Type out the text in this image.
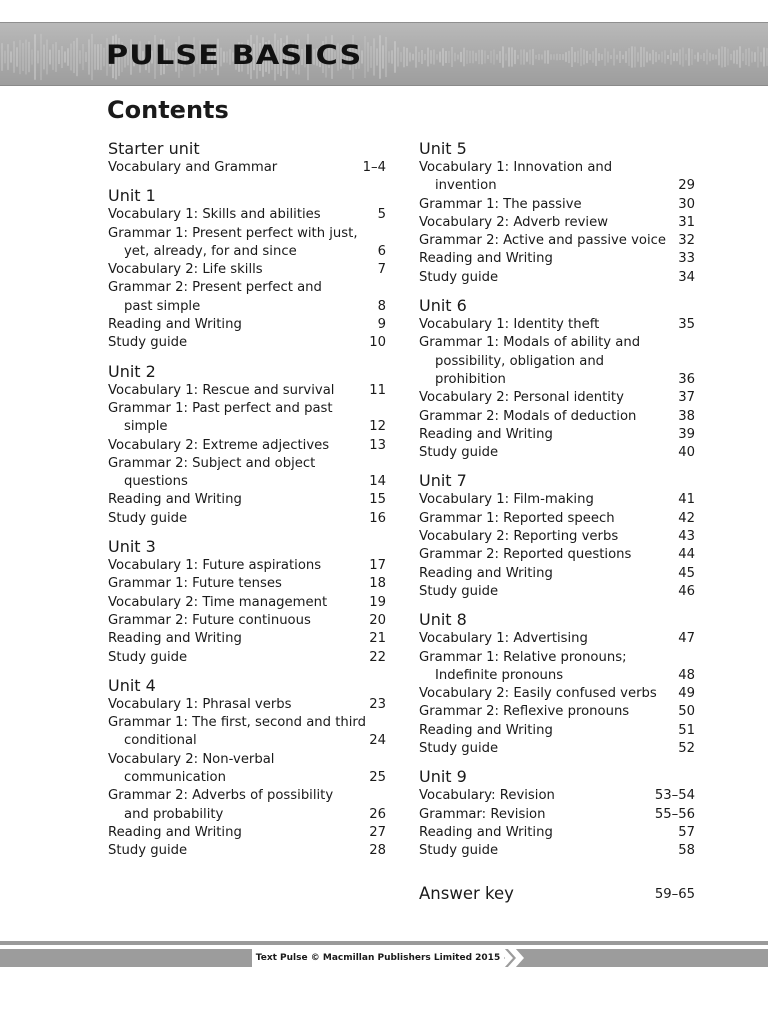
PULSE BASICS
Contents
Starter unit
Vocabulary and Grammar	1–4
Unit 1
Vocabulary 1: Skills and abilities	5
Grammar 1: Present perfect with just,
yet, already, for and since	6
Vocabulary 2: Life skills	7
Grammar 2: Present perfect and
past simple	8
Reading and Writing	9
Study guide	10
Unit 2
Vocabulary 1: Rescue and survival	11
Grammar 1: Past perfect and past
simple	12
Vocabulary 2: Extreme adjectives	13
Grammar 2: Subject and object
questions	14
Reading and Writing	15
Study guide	16
Unit 3
Vocabulary 1: Future aspirations	17
Grammar 1: Future tenses	18
Vocabulary 2: Time management	19
Grammar 2: Future continuous	20
Reading and Writing	21
Study guide	22
Unit 4
Vocabulary 1: Phrasal verbs	23
Grammar 1: The first, second and third
conditional	24
Vocabulary 2: Non-verbal
communication	25
Grammar 2: Adverbs of possibility
and probability	26
Reading and Writing	27
Study guide	28
Unit 5
Vocabulary 1: Innovation and
invention	29
Grammar 1: The passive	30
Vocabulary 2: Adverb review	31
Grammar 2: Active and passive voice 32
Reading and Writing	33
Study guide	34
Unit 6
Vocabulary 1: Identity theft	35
Grammar 1: Modals of ability and
possibility, obligation and
prohibition	36
Vocabulary 2: Personal identity	37
Grammar 2: Modals of deduction	38
Reading and Writing	39
Study guide	40
Unit 7
Vocabulary 1: Film-making	41
Grammar 1: Reported speech	42
Vocabulary 2: Reporting verbs	43
Grammar 2: Reported questions	44
Reading and Writing	45
Study guide	46
Unit 8
Vocabulary 1: Advertising	47
Grammar 1: Relative pronouns;
Indefinite pronouns	48
Vocabulary 2: Easily confused verbs	49
Grammar 2: Reflexive pronouns	50
Reading and Writing	51
Study guide	52
Unit 9
Vocabulary: Revision	53–54
Grammar: Revision	55–56
Reading and Writing	57
Study guide	58
Answer key	59–65
Text Pulse © Macmillan Publishers Limited 2015
